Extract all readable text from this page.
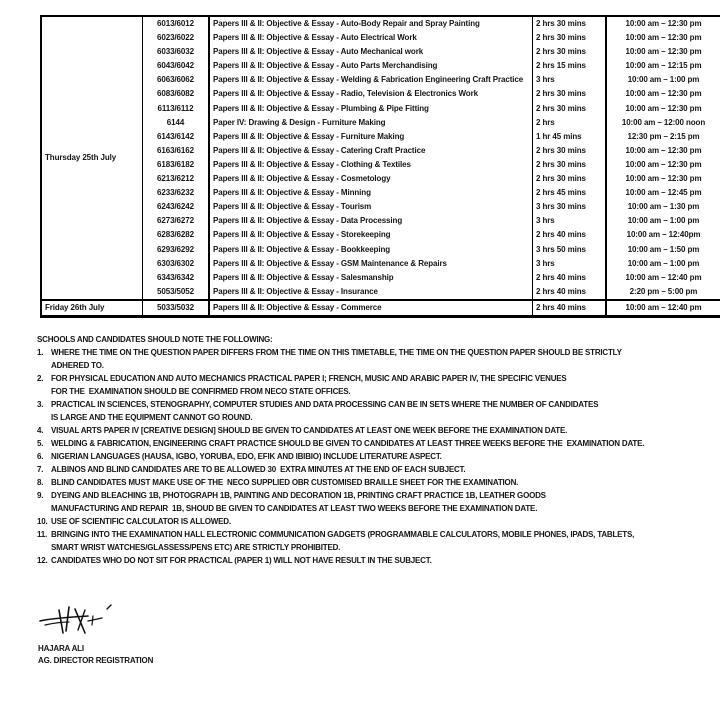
Thursday 25th July	6013/6012	Papers III & II: Objective & Essay - Auto-Body Repair and Spray Painting	2 hrs 30 mins	10:00 am – 12:30 pm
	6023/6022	Papers III & II: Objective & Essay - Auto Electrical Work	2 hrs 30 mins	10:00 am – 12:30 pm
	6033/6032	Papers III & II: Objective & Essay - Auto Mechanical work	2 hrs 30 mins	10:00 am – 12:30 pm
	6043/6042	Papers III & II: Objective & Essay - Auto Parts Merchandising	2 hrs 15 mins	10:00 am – 12:15 pm
	6063/6062	Papers III & II: Objective & Essay - Welding & Fabrication Engineering Craft Practice	3 hrs	10:00 am – 1:00 pm
	6083/6082	Papers III & II: Objective & Essay - Radio, Television & Electronics Work	2 hrs 30 mins	10:00 am – 12:30 pm
	6113/6112	Papers III & II: Objective & Essay - Plumbing & Pipe Fitting	2 hrs 30 mins	10:00 am – 12:30 pm
	6144	Paper IV: Drawing & Design - Furniture Making	2 hrs	10:00 am – 12:00 noon
	6143/6142	Papers III & II: Objective & Essay - Furniture Making	1 hr 45 mins	12:30 pm – 2:15 pm
	6163/6162	Papers III & II: Objective & Essay - Catering Craft Practice	2 hrs 30 mins	10:00 am – 12:30 pm
	6183/6182	Papers III & II: Objective & Essay - Clothing & Textiles	2 hrs 30 mins	10:00 am – 12:30 pm
	6213/6212	Papers III & II: Objective & Essay - Cosmetology	2 hrs 30 mins	10:00 am – 12:30 pm
	6233/6232	Papers III & II: Objective & Essay - Minning	2 hrs 45 mins	10:00 am – 12:45 pm
	6243/6242	Papers III & II: Objective & Essay - Tourism	3 hrs 30 mins	10:00 am – 1:30 pm
	6273/6272	Papers III & II: Objective & Essay - Data Processing	3 hrs	10:00 am – 1:00 pm
	6283/6282	Papers III & II: Objective & Essay - Storekeeping	2 hrs 40 mins	10:00 am – 12:40pm
	6293/6292	Papers III & II: Objective & Essay - Bookkeeping	3 hrs 50 mins	10:00 am – 1:50 pm
	6303/6302	Papers III & II: Objective & Essay - GSM Maintenance & Repairs	3 hrs	10:00 am – 1:00 pm
	6343/6342	Papers III & II: Objective & Essay - Salesmanship	2 hrs 40 mins	10:00 am – 12:40 pm
	5053/5052	Papers III & II: Objective & Essay - Insurance	2 hrs 40 mins	2:20 pm – 5:00 pm
Friday 26th July	5033/5032	Papers III & II: Objective & Essay - Commerce	2 hrs 40 mins	10:00 am – 12:40 pm
SCHOOLS AND CANDIDATES SHOULD NOTE THE FOLLOWING:
1. WHERE THE TIME ON THE QUESTION PAPER DIFFERS FROM THE TIME ON THIS TIMETABLE, THE TIME ON THE QUESTION PAPER SHOULD BE STRICTLY
ADHERED TO.
2. FOR PHYSICAL EDUCATION AND AUTO MECHANICS PRACTICAL PAPER I; FRENCH, MUSIC AND ARABIC PAPER IV, THE SPECIFIC VENUES
FOR THE  EXAMINATION SHOULD BE CONFIRMED FROM NECO STATE OFFICES.
3. PRACTICAL IN SCIENCES, STENOGRAPHY, COMPUTER STUDIES AND DATA PROCESSING CAN BE IN SETS WHERE THE NUMBER OF CANDIDATES
IS LARGE AND THE EQUIPMENT CANNOT GO ROUND.
4. VISUAL ARTS PAPER IV [CREATIVE DESIGN] SHOULD BE GIVEN TO CANDIDATES AT LEAST ONE WEEK BEFORE THE EXAMINATION DATE.
5. WELDING & FABRICATION, ENGINEERING CRAFT PRACTICE SHOULD BE GIVEN TO CANDIDATES AT LEAST THREE WEEKS BEFORE THE  EXAMINATION DATE.
6. NIGERIAN LANGUAGES (HAUSA, IGBO, YORUBA, EDO, EFIK AND IBIBIO) INCLUDE LITERATURE ASPECT.
7. ALBINOS AND BLIND CANDIDATES ARE TO BE ALLOWED 30  EXTRA MINUTES AT THE END OF EACH SUBJECT.
8. BLIND CANDIDATES MUST MAKE USE OF THE  NECO SUPPLIED OBR CUSTOMISED BRAILLE SHEET FOR THE EXAMINATION.
9. DYEING AND BLEACHING 1B, PHOTOGRAPH 1B, PAINTING AND DECORATION 1B, PRINTING CRAFT PRACTICE 1B, LEATHER GOODS
MANUFACTURING AND REPAIR  1B, SHOUD BE GIVEN TO CANDIDATES AT LEAST TWO WEEKS BEFORE THE EXAMINATION DATE.
10. USE OF SCIENTIFIC CALCULATOR IS ALLOWED.
11. BRINGING INTO THE EXAMINATION HALL ELECTRONIC COMMUNICATION GADGETS (PROGRAMMABLE CALCULATORS, MOBILE PHONES, IPADS, TABLETS,
SMART WRIST WATCHES/GLASSESS/PENS ETC) ARE STRICTLY PROHIBITED.
12. CANDIDATES WHO DO NOT SIT FOR PRACTICAL (PAPER 1) WILL NOT HAVE RESULT IN THE SUBJECT.
HAJARA ALI
AG. DIRECTOR REGISTRATION
